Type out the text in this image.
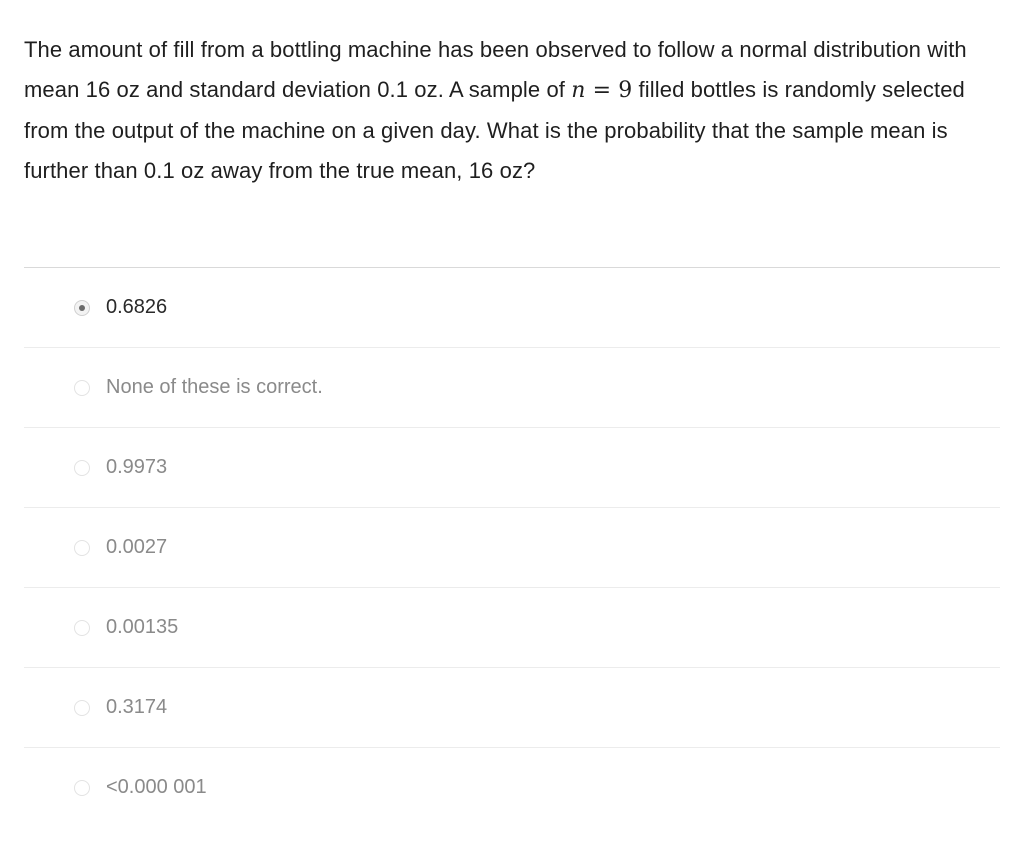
The amount of fill from a bottling machine has been observed to follow a normal distribution with mean 16 oz and standard deviation 0.1 oz. A sample of n = 9 filled bottles is randomly selected from the output of the machine on a given day. What is the probability that the sample mean is further than 0.1 oz away from the true mean, 16 oz?
0.6826
None of these is correct.
0.9973
0.0027
0.00135
0.3174
<0.000 001
